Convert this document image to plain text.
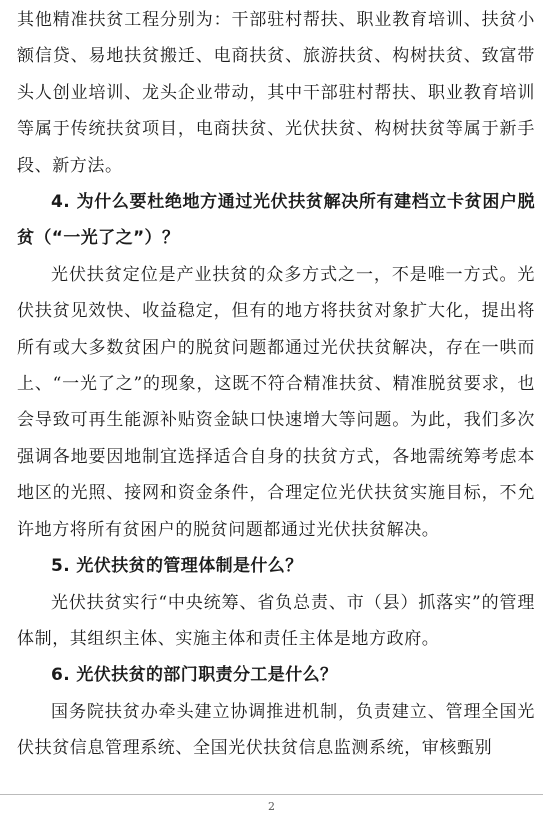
其他精准扶贫工程分别为：干部驻村帮扶、职业教育培训、扶贫小额信贷、易地扶贫搬迁、电商扶贫、旅游扶贫、构树扶贫、致富带头人创业培训、龙头企业带动，其中干部驻村帮扶、职业教育培训等属于传统扶贫项目，电商扶贫、光伏扶贫、构树扶贫等属于新手段、新方法。

4. 为什么要杜绝地方通过光伏扶贫解决所有建档立卡贫困户脱贫（“一光了之”）？

光伏扶贫定位是产业扶贫的众多方式之一，不是唯一方式。光伏扶贫见效快、收益稳定，但有的地方将扶贫对象扩大化，提出将所有或大多数贫困户的脱贫问题都通过光伏扶贫解决，存在一哄而上、“一光了之”的现象，这既不符合精准扶贫、精准脱贫要求，也会导致可再生能源补贴资金缺口快速增大等问题。为此，我们多次强调各地要因地制宜选择适合自身的扶贫方式，各地需统筹考虑本地区的光照、接网和资金条件，合理定位光伏扶贫实施目标，不允许地方将所有贫困户的脱贫问题都通过光伏扶贫解决。

5. 光伏扶贫的管理体制是什么？

光伏扶贫实行“中央统筹、省负总责、市（县）抓落实”的管理体制，其组织主体、实施主体和责任主体是地方政府。

6. 光伏扶贫的部门职责分工是什么？

国务院扶贫办牵头建立协调推进机制，负责建立、管理全国光伏扶贫信息管理系统、全国光伏扶贫信息监测系统，审核甄别

2
